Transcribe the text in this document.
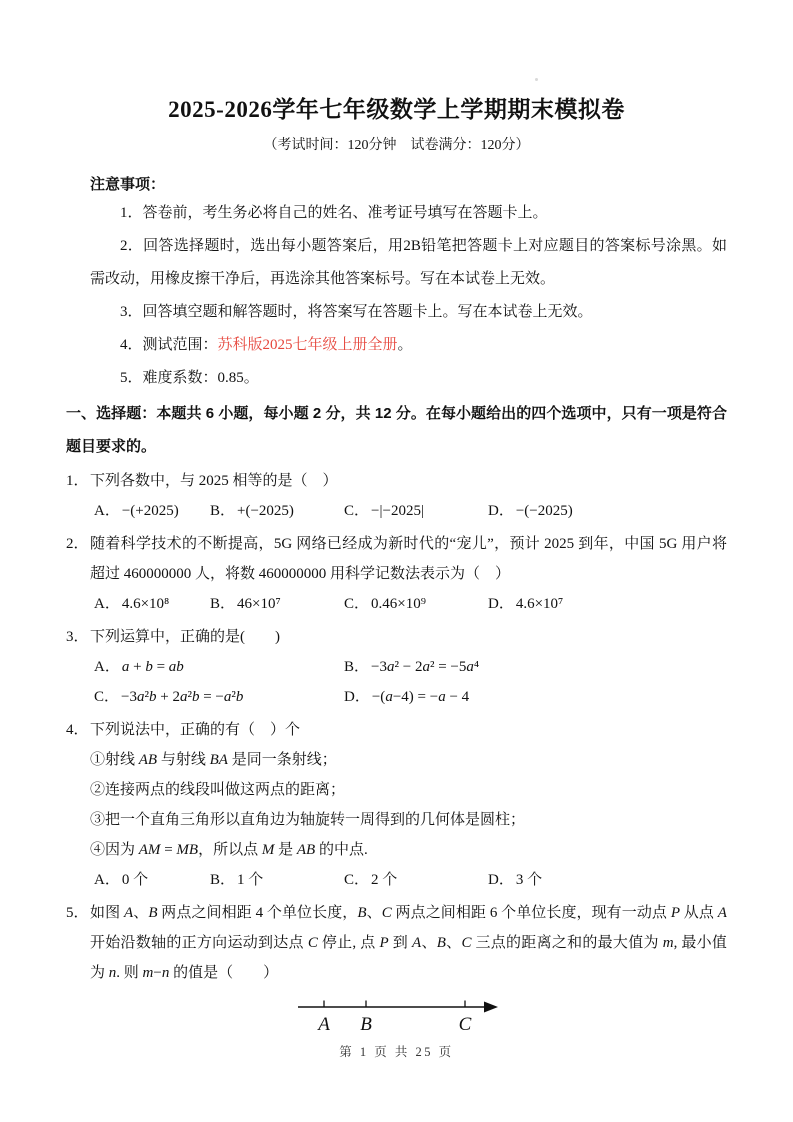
2025-2026学年七年级数学上学期期末模拟卷
（考试时间：120分钟　试卷满分：120分）
注意事项：

1．答卷前，考生务必将自己的姓名、准考证号填写在答题卡上。

2．回答选择题时，选出每小题答案后，用2B铅笔把答题卡上对应题目的答案标号涂黑。如需改动，用橡皮擦干净后，再选涂其他答案标号。写在本试卷上无效。

3．回答填空题和解答题时，将答案写在答题卡上。写在本试卷上无效。

4．测试范围：苏科版2025七年级上册全册。

5．难度系数：0.85。

一、选择题：本题共 6 小题，每小题 2 分，共 12 分。在每小题给出的四个选项中，只有一项是符合题目要求的。
1． 下列各数中，与 2025 相等的是（　）

A． −(+2025)	B． +(−2025)	C． −|−2025|	D． −(−2025)
2． 随着科学技术的不断提高，5G 网络已经成为新时代的“宠儿”，预计 2025 到年，中国 5G 用户将超过 460000000 人，将数 460000000 用科学记数法表示为（　）

A． 4.6×10⁸	B． 46×10⁷	C． 0.46×10⁹	D． 4.6×10⁷
3． 下列运算中，正确的是(　　)

A． a + b = ab	B． −3a² − 2a² = −5a⁴
C． −3a²b + 2a²b = −a²b	D． −(a−4) = −a − 4
4． 下列说法中，正确的有（　）个

①射线 AB 与射线 BA 是同一条射线；

②连接两点的线段叫做这两点的距离；

③把一个直角三角形以直角边为轴旋转一周得到的几何体是圆柱；

④因为 AM = MB，所以点 M 是 AB 的中点.

A． 0 个	B． 1 个	C． 2 个	D． 3 个
5． 如图 A、B 两点之间相距 4 个单位长度，B、C 两点之间相距 6 个单位长度，现有一动点 P 从点 A 开始沿数轴的正方向运动到达点 C 停止, 点 P 到 A、B、C 三点的距离之和的最大值为 m, 最小值为 n. 则 m−n 的值是（　　）

A B	C
第 1 页 共 25 页
